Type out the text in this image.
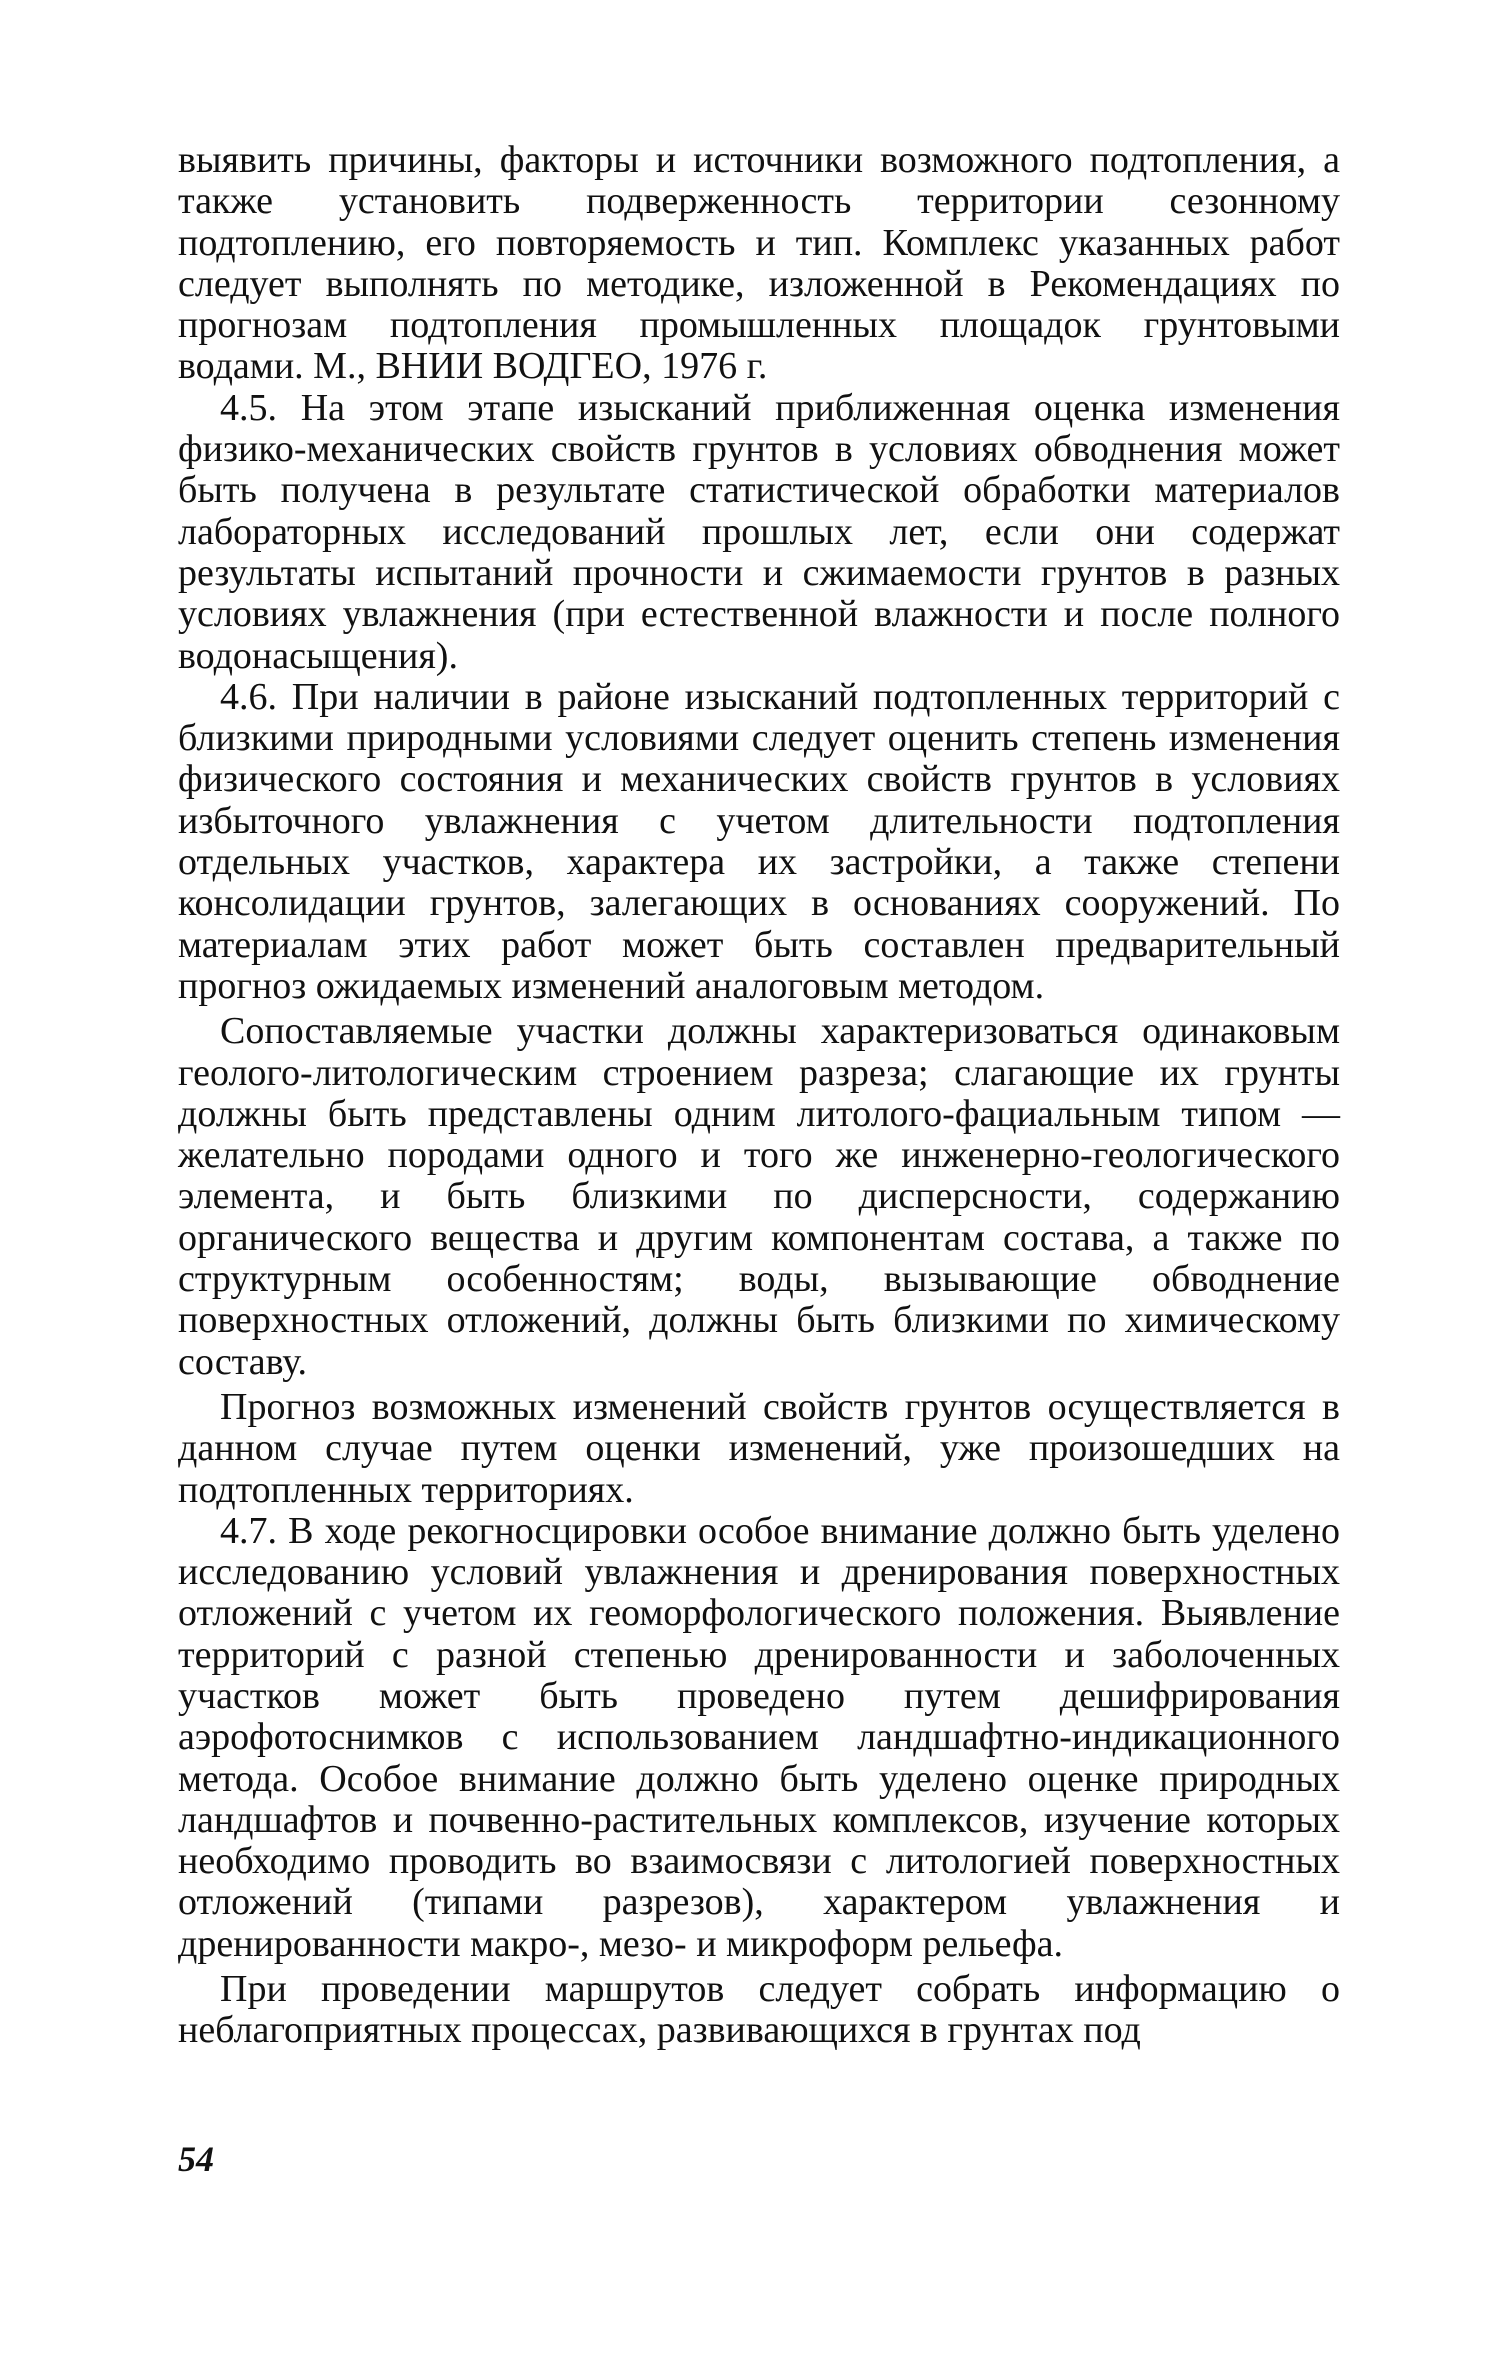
выявить причины, факторы и источники возможного подтопления, а также установить подверженность территории сезонному подтоплению, его повторяемость и тип. Комплекс указанных работ следует выполнять по методике, изложенной в Рекомендациях по прогнозам подтопления промышленных площадок грунтовыми водами. М., ВНИИ ВОДГЕО, 1976 г.

4.5. На этом этапе изысканий приближенная оценка изменения физико-механических свойств грунтов в условиях обводнения может быть получена в результате статистической обработки материалов лабораторных исследований прошлых лет, если они содержат результаты испытаний прочности и сжимаемости грунтов в разных условиях увлажнения (при естественной влажности и после полного водонасыщения).

4.6. При наличии в районе изысканий подтопленных территорий с близкими природными условиями следует оценить степень изменения физического состояния и механических свойств грунтов в условиях избыточного увлажнения с учетом длительности подтопления отдельных участков, характера их застройки, а также степени консолидации грунтов, залегающих в основаниях сооружений. По материалам этих работ может быть составлен предварительный прогноз ожидаемых изменений аналоговым методом.

Сопоставляемые участки должны характеризоваться одинаковым геолого-литологическим строением разреза; слагающие их грунты должны быть представлены одним литолого-фациальным типом — желательно породами одного и того же инженерно-геологического элемента, и быть близкими по дисперсности, содержанию органического вещества и другим компонентам состава, а также по структурным особенностям; воды, вызывающие обводнение поверхностных отложений, должны быть близкими по химическому составу.

Прогноз возможных изменений свойств грунтов осуществляется в данном случае путем оценки изменений, уже произошедших на подтопленных территориях.

4.7. В ходе рекогносцировки особое внимание должно быть уделено исследованию условий увлажнения и дренирования поверхностных отложений с учетом их геоморфологического положения. Выявление территорий с разной степенью дренированности и заболоченных участков может быть проведено путем дешифрирования аэрофотоснимков с использованием ландшафтно-индикационного метода. Особое внимание должно быть уделено оценке природных ландшафтов и почвенно-растительных комплексов, изучение которых необходимо проводить во взаимосвязи с литологией поверхностных отложений (типами разрезов), характером увлажнения и дренированности макро-, мезо- и микроформ рельефа.

При проведении маршрутов следует собрать информацию о неблагоприятных процессах, развивающихся в грунтах под

54
